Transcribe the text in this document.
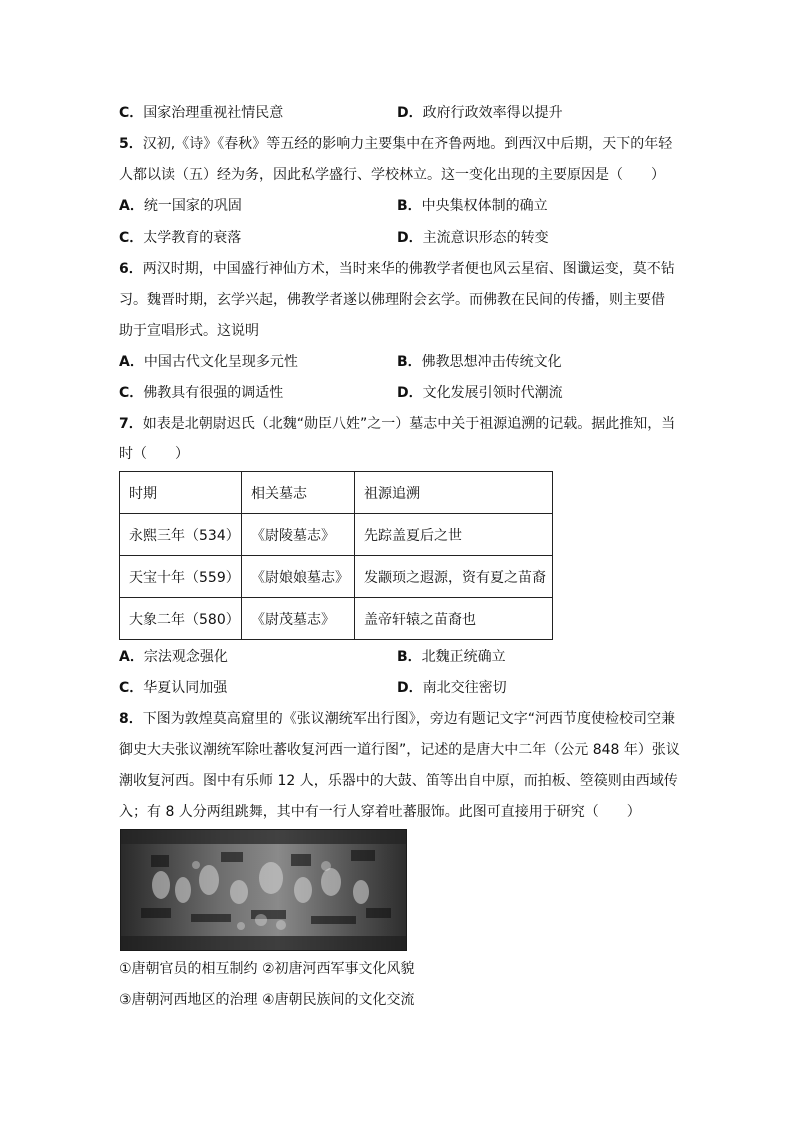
C．国家治理重视社情民意	D．政府行政效率得以提升
5．汉初,《诗》《春秋》等五经的影响力主要集中在齐鲁两地。到西汉中后期，天下的年轻
人都以读（五）经为务，因此私学盛行、学校林立。这一变化出现的主要原因是（　　）
A．统一国家的巩固	B．中央集权体制的确立
C．太学教育的衰落	D．主流意识形态的转变
6．两汉时期，中国盛行神仙方术，当时来华的佛教学者便也风云星宿、图谶运变，莫不钻
习。魏晋时期，玄学兴起，佛教学者遂以佛理附会玄学。而佛教在民间的传播，则主要借
助于宣唱形式。这说明
A．中国古代文化呈现多元性	B．佛教思想冲击传统文化
C．佛教具有很强的调适性	D．文化发展引领时代潮流
7．如表是北朝尉迟氏（北魏“勋臣八姓”之一）墓志中关于祖源追溯的记载。据此推知，当
时（　　）
时期	相关墓志	祖源追溯
永熙三年（534）	《尉陵墓志》	先踪盖夏后之世
天宝十年（559）	《尉娘娘墓志》	发颛顼之遐源，资有夏之苗裔
大象二年（580）	《尉茂墓志》	盖帝轩辕之苗裔也
A．宗法观念强化	B．北魏正统确立
C．华夏认同加强	D．南北交往密切
8．下图为敦煌莫高窟里的《张议潮统军出行图》，旁边有题记文字“河西节度使检校司空兼
御史大夫张议潮统军除吐蕃收复河西一道行图”，记述的是唐大中二年（公元 848 年）张议
潮收复河西。图中有乐师 12 人，乐器中的大鼓、笛等出自中原，而拍板、箜篌则由西域传
入；有 8 人分两组跳舞，其中有一行人穿着吐蕃服饰。此图可直接用于研究（　　）
①唐朝官员的相互制约 ②初唐河西军事文化风貌
③唐朝河西地区的治理 ④唐朝民族间的文化交流
